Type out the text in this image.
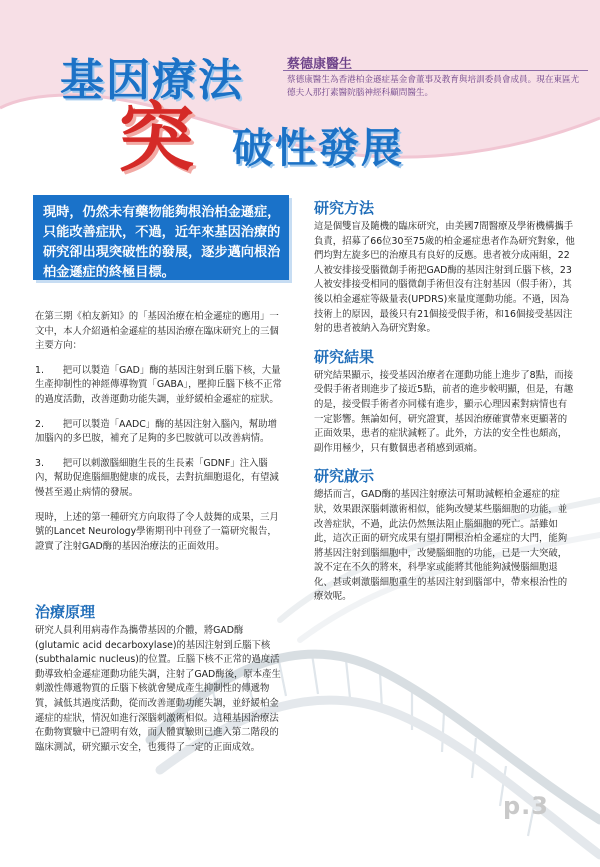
基因療法
突 破性發展
蔡德康醫生
蔡德康醫生為香港柏金遜症基金會董事及教育與培訓委員會成員。現在東區尤德夫人那打素醫院腦神經科顧問醫生。
現時，仍然未有藥物能夠根治柏金遜症，只能改善症狀，不過，近年來基因治療的研究卻出現突破性的發展，逐步邁向根治柏金遜症的終極目標。

在第三期《柏友新知》的「基因治療在柏金遜症的應用」一文中，本人介紹過柏金遜症的基因治療在臨床研究上的三個主要方向：

1.　　把可以製造「GAD」酶的基因注射到丘腦下核，大量生產抑制性的神經傳導物質「GABA」，壓抑丘腦下核不正常的過度活動，改善運動功能失調，並紓緩柏金遜症的症狀。

2.　　把可以製造「AADC」酶的基因注射入腦內，幫助增加腦內的多巴胺，補充了足夠的多巴胺就可以改善病情。

3.　　把可以刺激腦細胞生長的生長素「GDNF」注入腦內，幫助促進腦細胞健康的成長，去對抗細胞退化，有望減慢甚至遏止病情的發展。

現時，上述的第一種研究方向取得了令人鼓舞的成果，三月號的Lancet Neurology學術期刊中刊登了一篇研究報告，證實了注射GAD酶的基因治療法的正面效用。

治療原理

研究人員利用病毒作為攜帶基因的介體，將GAD酶(glutamic acid decarboxylase)的基因注射到丘腦下核(subthalamic nucleus)的位置。丘腦下核不正常的過度活動導致柏金遜症運動功能失調，注射了GAD酶後，原本產生刺激性傳遞物質的丘腦下核就會變成產生抑制性的傳遞物質，減低其過度活動，從而改善運動功能失調，並紓緩柏金遜症的症狀，情況如進行深腦刺激術相似。這種基因治療法在動物實驗中已證明有效，而人體實驗則已進入第二階段的臨床測試，研究顯示安全，也獲得了一定的正面成效。

研究方法

這是個雙盲及隨機的臨床研究，由美國7間醫療及學術機構攜手負責，招募了66位30至75歲的柏金遜症患者作為研究對象，他們均對左旋多巴的治療具有良好的反應。患者被分成兩組，22人被安排接受腦微創手術把GAD酶的基因注射到丘腦下核，23人被安排接受相同的腦微創手術但沒有注射基因（假手術），其後以柏金遜症等級量表(UPDRS)來量度運動功能。不過，因為技術上的原因，最後只有21個接受假手術，和16個接受基因注射的患者被納入為研究對象。

研究結果

研究結果顯示，接受基因治療者在運動功能上進步了8點，而接受假手術者則進步了接近5點，前者的進步較明顯，但是，有趣的是，接受假手術者亦同樣有進步，顯示心理因素對病情也有一定影響。無論如何，研究證實，基因治療確實帶來更顯著的正面效果，患者的症狀減輕了。此外，方法的安全性也頗高，副作用極少，只有數個患者稍感到頭痛。

研究啟示

總括而言，GAD酶的基因注射療法可幫助減輕柏金遜症的症狀，效果跟深腦刺激術相似，能夠改變某些腦細胞的功能，並改善症狀，不過，此法仍然無法阻止腦細胞的死亡。話雖如此，這次正面的研究成果有望打開根治柏金遜症的大門，能夠將基因注射到腦細胞中，改變腦細胞的功能，已是一大突破，說不定在不久的將來，科學家或能將其他能夠減慢腦細胞退化、甚或刺激腦細胞重生的基因注射到腦部中，帶來根治性的療效呢。

p.3
